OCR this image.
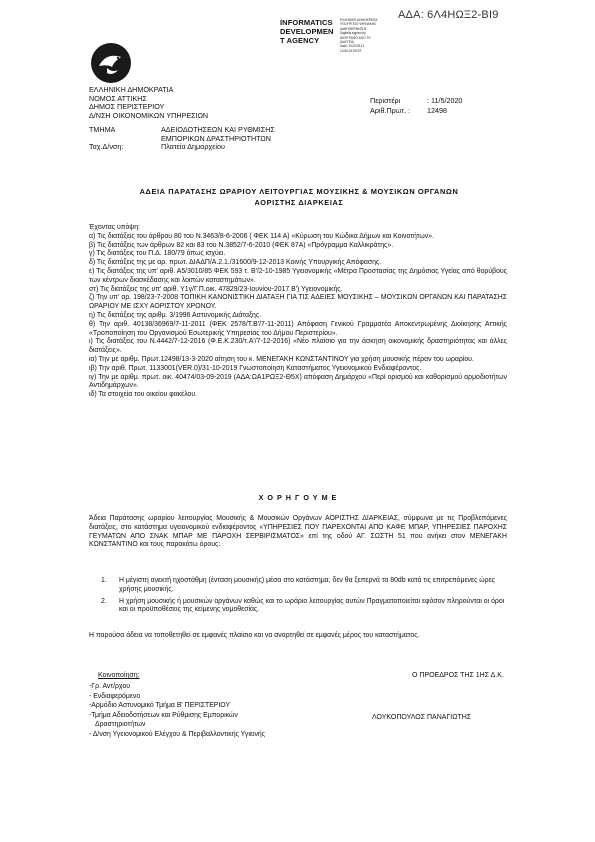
ΑΔΑ: 6Λ4ΗΩΞ2-ΒΙ9
INFORMATICS
DEVELOPMEN
T AGENCY
ΕΛΛΗΝΙΚΗ ΔΗΜΟΚΡΑΤΙΑ
ΥΠΟΥΡΓΕΙΟ ΨΗΦΙΑΚΗΣ
ΔΙΑΚΥΒΕΡΝΗΣΗΣ
Digitally signed by
ΑΝΤΙΓΡΑΦΟ ΑΠΟ ΤΟ
ΔΙΑΥΓΕΙΑ
Date: 2020.05.11
12:50:32 EEST
ΕΛΛΗΝΙΚΗ ΔΗΜΟΚΡΑΤΙΑ
ΝΟΜΟΣ ΑΤΤΙΚΗΣ
ΔΗΜΟΣ ΠΕΡΙΣΤΕΡΙΟΥ
Δ/ΝΣΗ ΟΙΚΟΝΟΜΙΚΩΝ ΥΠΗΡΕΣΙΩΝ
ΤΜΗΜΑ	ΑΔΕΙΟΔΟΤΗΣΕΩΝ ΚΑΙ ΡΥΘΜΙΣΗΣ
ΕΜΠΟΡΙΚΩΝ ΔΡΑΣΤΗΡΙΟΤΗΤΩΝ
Ταχ.Δ/νση:	Πλατεία Δημαρχείου
Περιστέρι	: 11/5/2020
Αριθ.Πρωτ. : 12498
ΑΔΕΙΑ ΠΑΡΑΤΑΣΗΣ ΩΡΑΡΙΟΥ ΛΕΙΤΟΥΡΓΙΑΣ ΜΟΥΣΙΚΗΣ & ΜΟΥΣΙΚΩΝ ΟΡΓΑΝΩΝ
ΑΟΡΙΣΤΗΣ ΔΙΑΡΚΕΙΑΣ

Έχοντας υπόψη:

α) Τις διατάξεις του άρθρου 80 του Ν.3463/8-6-2006 ( ΦΕΚ 114 Α) «Κύρωση του Κώδικα Δήμων και Κοινοτήτων».

β) Τις διατάξεις των άρθρων 82 και 83 του Ν.3852/7-6-2010 (ΦΕΚ 87Α) «Πρόγραμμα Καλλικράτης».

γ) Τις διατάξεις του Π.Δ. 180/79 όπως ισχύει.

δ) Τις διατάξεις της με αρ. πρωτ. ΔΙΑΔΠ/Α.2.1./31600/9-12-2013 Κοινής Υπουργικής Απόφασης.

ε) Τις διατάξεις της υπ' αριθ. Α5/3010/85 ΦΕΚ 593 τ. Β'/2-10-1985 Υγειονομικής «Μέτρα Προστασίας της Δημόσιας Υγείας από θορύβους των κέντρων διασκέδασης και λοιπών καταστημάτων».

στ) Τις διατάξεις της υπ' αριθ. Υ1γ/Γ.Π.οικ. 47829/23-Ιουνίου-2017 Β') Υγειονομικής.

ζ) Την υπ' αρ. 198/23-7-2008 ΤΟΠΙΚΗ ΚΑΝΟΝΙΣΤΙΚΗ ΔΙΑΤΑΞΗ ΓΙΑ ΤΙΣ ΑΔΕΙΕΣ ΜΟΥΣΙΚΗΣ – ΜΟΥΣΙΚΩΝ ΟΡΓΑΝΩΝ ΚΑΙ ΠΑΡΑΤΑΣΗΣ ΩΡΑΡΙΟΥ ΜΕ ΙΣΧΥ ΑΟΡΙΣΤΟΥ ΧΡΟΝΟΥ.

η) Τις διατάξεις της αριθμ. 3/1996 Αστυνομικής Διάταξης.

θ) Την αριθ. 40138/36969/7-11-2011 (ΦΕΚ 2578/Τ.Β'/7-11-2011) Απόφαση Γενικού Γραμματέα Αποκεντρωμένης Διοίκησης Αττικής «Τροποποίηση του Οργανισμού Εσωτερικής Υπηρεσίας του Δήμου Περιστερίου».

ι) Τις διατάξεις του Ν.4442/7-12-2016 (Φ.Ε.Κ.230/τ.Α'/7-12-2016) «Νέο πλαίσιο για την άσκηση οικονομικής δραστηριότητας και άλλες διατάξεις».

ια) Την με αριθμ. Πρωτ.12498/13-3-2020 αίτηση του κ. ΜΕΝΕΓΑΚΗ ΚΩΝΣΤΑΝΤΙΝΟΥ για χρήση μουσικής πέραν του ωραρίου.

ιβ) Την αριθ. Πρωτ. 1133001(VER.0)/31-10-2019 Γνωστοποίηση Καταστήματος Υγειονομικού Ενδιαφέροντος.

ιγ) Την με αριθμ. πρωτ. οικ. 40474/03-09-2019 (ΑΔΑ:ΩΑ1ΡΩΞ2-Θ5Χ) απόφαση Δημάρχου «Περί ορισμού και καθορισμού αρμοδιοτήτων Αντιδημάρχων».

ιδ) Τα στοιχεία του οικείου φακέλου.

Χ Ο Ρ Η Γ Ο Υ Μ Ε

Άδεια Παράτασης ωραρίου λειτουργίας Μουσικής & Μουσικών Οργάνων ΑΟΡΙΣΤΗΣ ΔΙΑΡΚΕΙΑΣ, σύμφωνα με τις Προβλεπόμενες διατάξεις, στο κατάστημα υγειονομικού ενδιαφέροντος «ΥΠΗΡΕΣΙΕΣ ΠΟΥ ΠΑΡΕΧΟΝΤΑΙ ΑΠΟ ΚΑΦΕ ΜΠΑΡ, ΥΠΗΡΕΣΙΕΣ ΠΑΡΟΧΗΣ ΓΕΥΜΑΤΩΝ ΑΠΟ ΣΝΑΚ ΜΠΑΡ ΜΕ ΠΑΡΟΧΗ ΣΕΡΒΙΡΙΣΜΑΤΟΣ» επί της οδού ΑΓ. ΣΩΣΤΗ 51 που ανήκει στον ΜΕΝΕΓΑΚΗ ΚΩΝΣΤΑΝΤΙΝΟ και τους παρακάτω όρους:

1.	Η μέγιστη ανεκτή ηχοστάθμη (ένταση μουσικής) μέσα στο κατάστημα, δεν θα ξεπερνά τα 80db κατά τις επιτρεπόμενες ώρες χρήσης μουσικής.
2.	Η χρήση μουσικής ή μουσικών οργάνων καθώς και το ωράριο λειτουργίας αυτών Πραγματοποιείται εφόσον πληρούνται οι όροι και οι προϋποθέσεις της κείμενης νομοθεσίας.
Η παρούσα άδεια να τοποθετηθεί σε εμφανές πλαίσιο και να αναρτηθεί σε εμφανές μέρος του καταστήματος.
Κοινοποίηση:
-Γρ. Αντ/ρχου
- Ενδιαφερόμενο
-Αρμόδιο Αστυνομικό Τμήμα Β' ΠΕΡΙΣΤΕΡΙΟΥ
-Τμήμα Αδειοδοτήσεων και Ρύθμισης Εμπορικών
Δραστηριοτήτων
- Δ/νση Υγειονομικού Ελέγχου & Περιβαλλοντικής Υγιεινής
Ο ΠΡΟΕΔΡΟΣ ΤΗΣ 1ΗΣ Δ.Κ.
ΛΟΥΚΟΠΟΥΛΟΣ ΠΑΝΑΓΙΩΤΗΣ
